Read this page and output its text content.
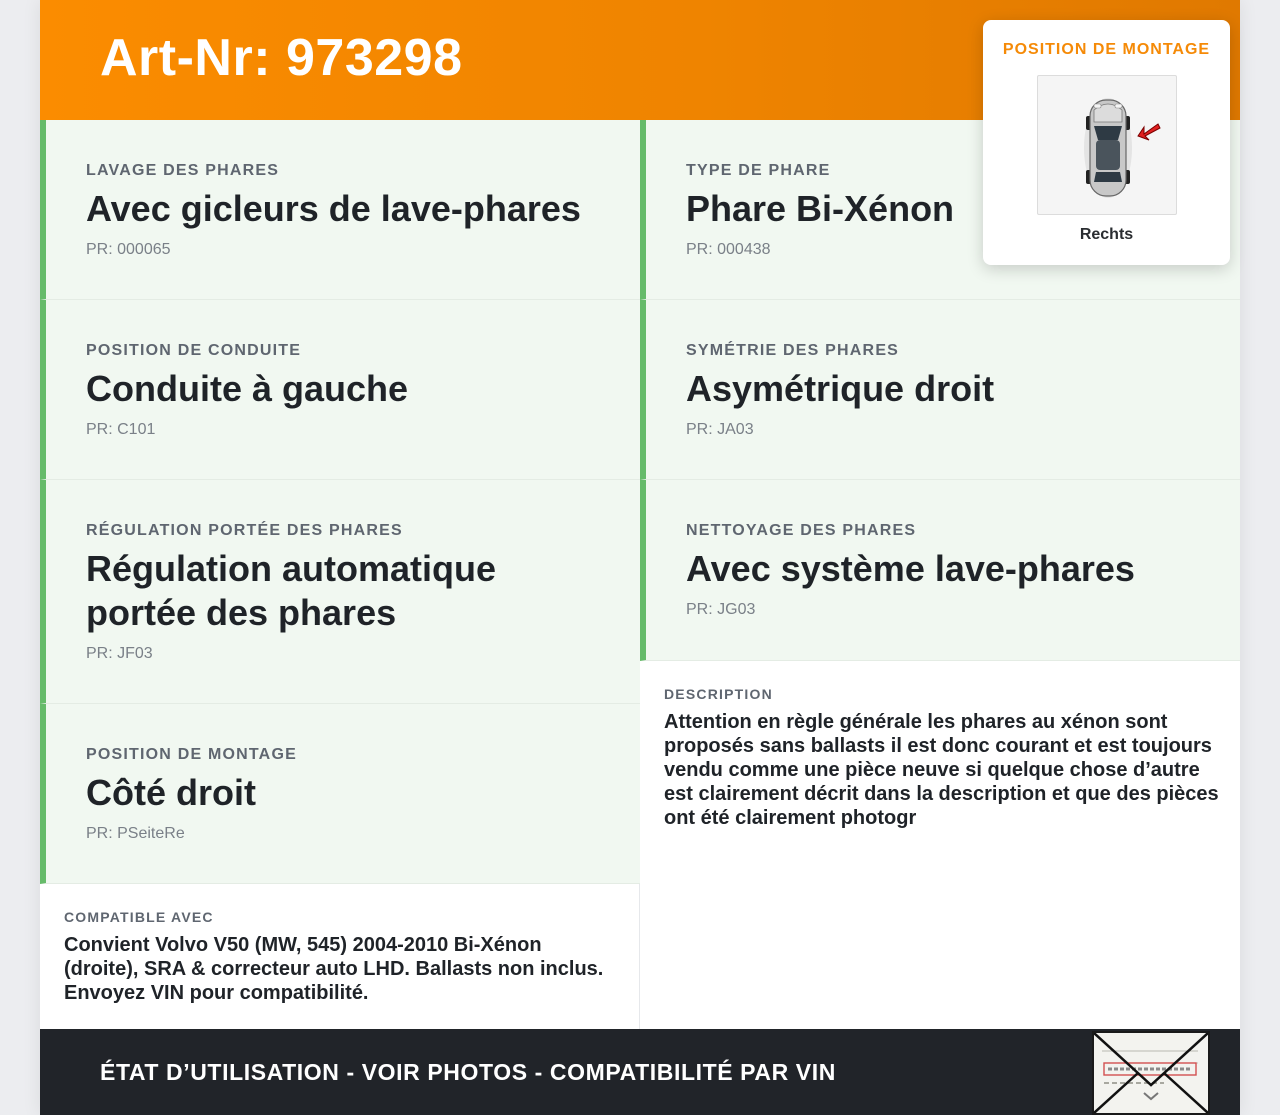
Art-Nr: 973298
LAVAGE DES PHARES
Avec gicleurs de lave-phares
PR: 000065
TYPE DE PHARE
Phare Bi-Xénon
PR: 000438
POSITION DE CONDUITE
Conduite à gauche
PR: C101
SYMÉTRIE DES PHARES
Asymétrique droit
PR: JA03
RÉGULATION PORTÉE DES PHARES
Régulation automatique portée des phares
PR: JF03
NETTOYAGE DES PHARES
Avec système lave-phares
PR: JG03
POSITION DE MONTAGE
Côté droit
PR: PSeiteRe
DESCRIPTION
Attention en règle générale les phares au xénon sont proposés sans ballasts il est donc courant et est toujours vendu comme une pièce neuve si quelque chose d’autre est clairement décrit dans la description et que des pièces ont été clairement photogr
COMPATIBLE AVEC
Convient Volvo V50 (MW, 545) 2004-2010 Bi-Xénon (droite), SRA & correcteur auto LHD. Ballasts non inclus. Envoyez VIN pour compatibilité.
ÉTAT D’UTILISATION - VOIR PHOTOS - COMPATIBILITÉ PAR VIN
POSITION DE MONTAGE
Rechts
